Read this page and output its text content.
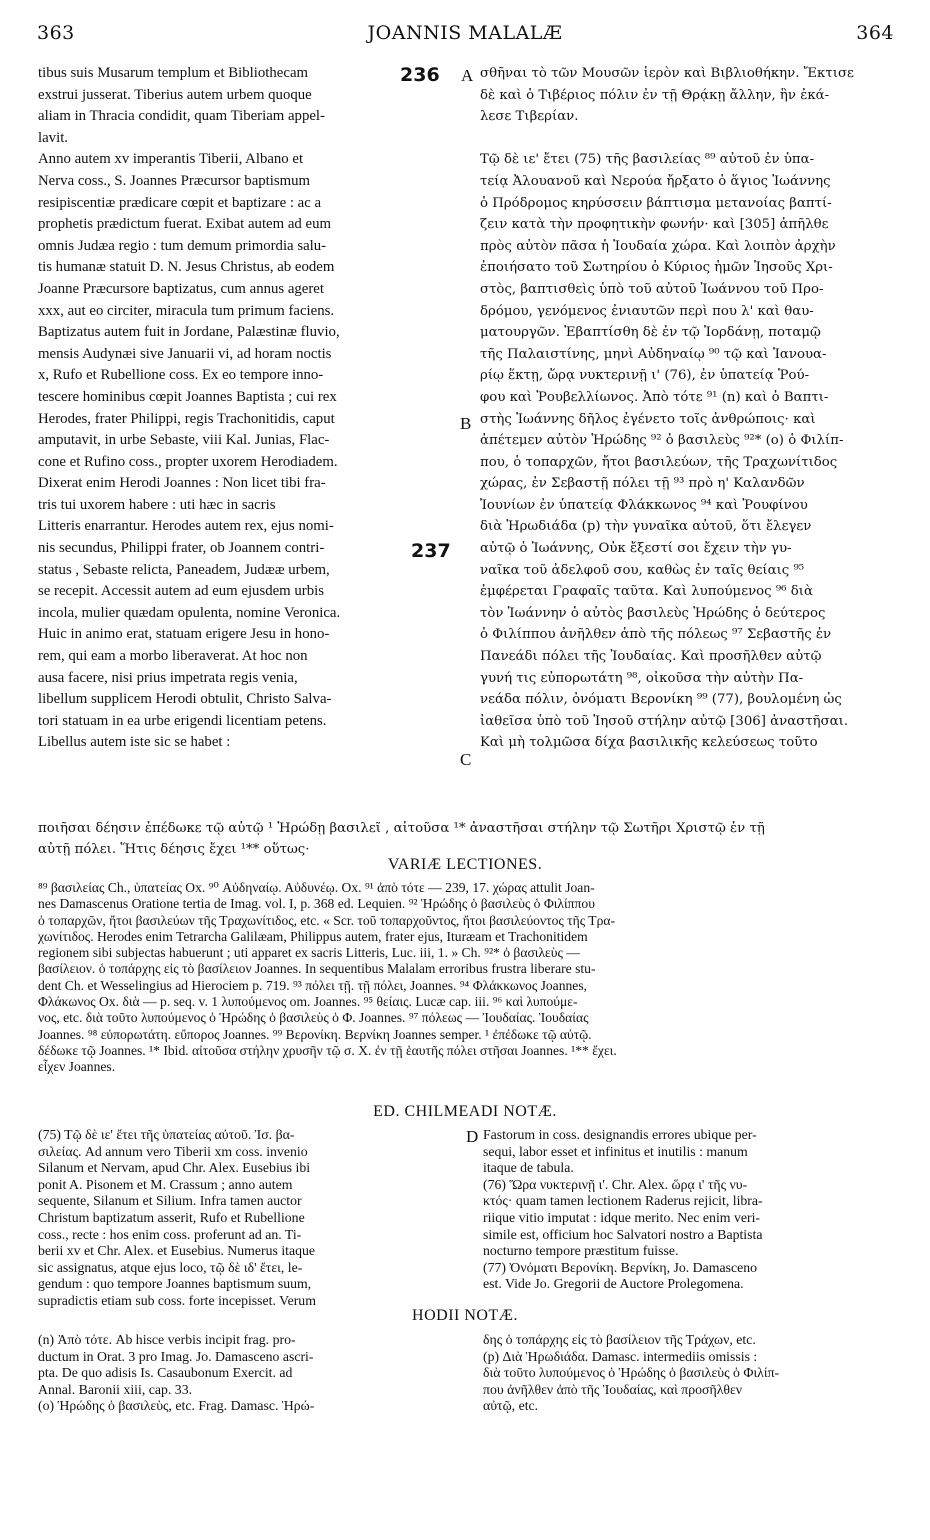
363	JOANNIS MALALÆ	364
tibus suis Musarum templum et Bibliothecam
exstrui jusserat. Tiberius autem urbem quoque
aliam in Thracia condidit, quam Tiberiam appel-
lavit.
Anno autem xv imperantis Tiberii, Albano et
Nerva coss., S. Joannes Præcursor baptismum
resipiscentiæ prædicare cœpit et baptizare : ac a
prophetis prædictum fuerat. Exibat autem ad eum
omnis Judæa regio : tum demum primordia salu-
tis humanæ statuit D. N. Jesus Christus, ab eodem
Joanne Præcursore baptizatus, cum annus ageret
xxx, aut eo circiter, miracula tum primum faciens.
Baptizatus autem fuit in Jordane, Palæstinæ fluvio,
mensis Audynæi sive Januarii vi, ad horam noctis
x, Rufo et Rubellione coss. Ex eo tempore inno-
tescere hominibus cœpit Joannes Baptista ; cui rex
Herodes, frater Philippi, regis Trachonitidis, caput
amputavit, in urbe Sebaste, viii Kal. Junias, Flac-
cone et Rufino coss., propter uxorem Herodiadem.
Dixerat enim Herodi Joannes : Non licet tibi fra-
tris tui uxorem habere : uti hæc in sacris
Litteris enarrantur. Herodes autem rex, ejus nomi-
nis secundus, Philippi frater, ob Joannem contri-
status , Sebaste relicta, Paneadem, Judææ urbem,
se recepit. Accessit autem ad eum ejusdem urbis
incola, mulier quædam opulenta, nomine Veronica.
Huic in animo erat, statuam erigere Jesu in hono-
rem, qui eam a morbo liberaverat. At hoc non
ausa facere, nisi prius impetrata regis venia,
libellum supplicem Herodi obtulit, Christo Salva-
tori statuam in ea urbe erigendi licentiam petens.
Libellus autem iste sic se habet :
σθῆναι τὸ τῶν Μουσῶν ἱερὸν καὶ Βιβλιοθήκην. Ἔκτισε
δὲ καὶ ὁ Τιβέριος πόλιν ἐν τῇ Θρᾴκῃ ἄλλην, ἣν ἐκά-
λεσε Τιβερίαν.

Τῷ δὲ ιε' ἔτει (75) τῆς βασιλείας ⁸⁹ αὐτοῦ ἐν ὑπα-
τείᾳ Ἀλουανοῦ καὶ Νερούα ἤρξατο ὁ ἅγιος Ἰωάννης
ὁ Πρόδρομος κηρύσσειν βάπτισμα μετανοίας βαπτί-
ζειν κατὰ τὴν προφητικὴν φωνήν· καὶ [305] ἀπῆλθε
πρὸς αὐτὸν πᾶσα ἡ Ἰουδαία χώρα. Καὶ λοιπὸν ἀρχὴν
ἐποιήσατο τοῦ Σωτηρίου ὁ Κύριος ἡμῶν Ἰησοῦς Χρι-
στὸς, βαπτισθεὶς ὑπὸ τοῦ αὐτοῦ Ἰωάννου τοῦ Προ-
δρόμου, γενόμενος ἐνιαυτῶν περὶ που λ' καὶ θαυ-
ματουργῶν. Ἐβαπτίσθη δὲ ἐν τῷ Ἰορδάνῃ, ποταμῷ
τῆς Παλαιστίνης, μηνὶ Αὐδηναίῳ ⁹⁰ τῷ καὶ Ἰανουα-
ρίῳ ἕκτῃ, ὥρᾳ νυκτερινῇ ι' (76), ἐν ὑπατείᾳ Ῥού-
φου καὶ Ῥουβελλίωνος. Ἀπὸ τότε ⁹¹ (n) καὶ ὁ Βαπτι-
στὴς Ἰωάννης δῆλος ἐγένετο τοῖς ἀνθρώποις· καὶ
ἀπέτεμεν αὐτὸν Ἡρώδης ⁹² ὁ βασιλεὺς ⁹²* (o) ὁ Φιλίπ-
που, ὁ τοπαρχῶν, ἤτοι βασιλεύων, τῆς Τραχωνίτιδος
χώρας, ἐν Σεβαστῇ πόλει τῇ ⁹³ πρὸ η' Καλανδῶν
Ἰουνίων ἐν ὑπατείᾳ Φλάκκωνος ⁹⁴ καὶ Ῥουφίνου
διὰ Ἡρωδιάδα (p) τὴν γυναῖκα αὐτοῦ, ὅτι ἔλεγεν
αὐτῷ ὁ Ἰωάννης, Οὐκ ἔξεστί σοι ἔχειν τὴν γυ-
ναῖκα τοῦ ἀδελφοῦ σου, καθὼς ἐν ταῖς θείαις ⁹⁵
ἐμφέρεται Γραφαῖς ταῦτα. Καὶ λυπούμενος ⁹⁶ διὰ
τὸν Ἰωάννην ὁ αὐτὸς βασιλεὺς Ἡρώδης ὁ δεύτερος
ὁ Φιλίππου ἀνῆλθεν ἀπὸ τῆς πόλεως ⁹⁷ Σεβαστῆς ἐν
Πανεάδι πόλει τῆς Ἰουδαίας. Καὶ προσῆλθεν αὐτῷ
γυνή τις εὐπορωτάτη ⁹⁸, οἰκοῦσα τὴν αὐτὴν Πα-
νεάδα πόλιν, ὀνόματι Βερονίκη ⁹⁹ (77), βουλομένη ὡς
ἰαθεῖσα ὑπὸ τοῦ Ἰησοῦ στήλην αὐτῷ [306] ἀναστῆσαι.
Καὶ μὴ τολμῶσα δίχα βασιλικῆς κελεύσεως τοῦτο
236
237
A
B
C
D
ποιῆσαι δέησιν ἐπέδωκε τῷ αὐτῷ ¹ Ἡρώδῃ βασιλεῖ , αἰτοῦσα ¹* ἀναστῆσαι στήλην τῷ Σωτῆρι Χριστῷ ἐν τῇ
αὐτῇ πόλει. Ἥτις δέησις ἔχει ¹** οὕτως·
VARIÆ LECTIONES.
⁸⁹ βασιλείας Ch., ὑπατείας Ox. ⁹⁰ Αὐδηναίῳ. Αὐδυνέῳ. Ox. ⁹¹ ἀπὸ τότε — 239, 17. χώρας attulit Joan-
nes Damascenus Oratione tertia de Imag. vol. I, p. 368 ed. Lequien. ⁹² Ἡρώδης ὁ βασιλεὺς ὁ Φιλίππου
ὁ τοπαρχῶν, ἤτοι βασιλεύων τῆς Τραχωνίτιδος, etc. « Scr. τοῦ τοπαρχοῦντος, ἤτοι βασιλεύοντος τῆς Τρα-
χωνίτιδος. Herodes enim Tetrarcha Galilæam, Philippus autem, frater ejus, Ituræam et Trachonitidem
regionem sibi subjectas habuerunt ; uti apparet ex sacris Litteris, Luc. iii, 1. » Ch. ⁹²* ὁ βασιλεὺς —
βασίλειον. ὁ τοπάρχης εἰς τὸ βασίλειον Joannes. In sequentibus Malalam erroribus frustra liberare stu-
dent Ch. et Wesselingius ad Hierociem p. 719. ⁹³ πόλει τῇ. τῇ πόλει, Joannes. ⁹⁴ Φλάκκωνος Joannes,
Φλάκωνος Ox. διὰ — p. seq. v. 1 λυπούμενος om. Joannes. ⁹⁵ θείαις. Lucæ cap. iii. ⁹⁶ καὶ λυπούμε-
νος, etc. διὰ τοῦτο λυπούμενος ὁ Ἡρώδης ὁ βασιλεὺς ὁ Φ. Joannes. ⁹⁷ πόλεως — Ἰουδαίας. Ἰουδαίας
Joannes. ⁹⁸ εὐπορωτάτη. εὔπορος Joannes. ⁹⁹ Βερονίκη. Βερνίκη Joannes semper. ¹ ἐπέδωκε τῷ αὐτῷ.
δέδωκε τῷ Joannes. ¹* Ibid. αἰτοῦσα στήλην χρυσῆν τῷ σ. Χ. ἐν τῇ ἑαυτῆς πόλει στῆσαι Joannes. ¹** ἔχει.
εἶχεν Joannes.
ED. CHILMEADI NOTÆ.
(75) Τῷ δὲ ιε' ἔτει τῆς ὑπατείας αὐτοῦ. Ἰσ. βα-
σιλείας. Ad annum vero Tiberii xm coss. invenio
Silanum et Nervam, apud Chr. Alex. Eusebius ibi
ponit A. Pisonem et M. Crassum ; anno autem
sequente, Silanum et Silium. Infra tamen auctor
Christum baptizatum asserit, Rufo et Rubellione
coss., recte : hos enim coss. proferunt ad an. Ti-
berii xv et Chr. Alex. et Eusebius. Numerus itaque
sic assignatus, atque ejus loco, τῷ δὲ ιδ' ἔτει, le-
gendum : quo tempore Joannes baptismum suum,
supradictis etiam sub coss. forte incepisset. Verum
Fastorum in coss. designandis errores ubique per-
sequi, labor esset et infinitus et inutilis : manum
itaque de tabula.
(76) Ὥρα νυκτερινῇ ι'. Chr. Alex. ὥρᾳ ι' τῆς νυ-
κτός· quam tamen lectionem Raderus rejicit, libra-
riique vitio imputat : idque merito. Nec enim veri-
simile est, officium hoc Salvatori nostro a Baptista
nocturno tempore præstitum fuisse.
(77) Ὀνόματι Βερονίκη. Βερνίκη, Jo. Damasceno
est. Vide Jo. Gregorii de Auctore Prolegomena.
HODII NOTÆ.
(n) Ἀπὸ τότε. Ab hisce verbis incipit frag. pro-
ductum in Orat. 3 pro Imag. Jo. Damasceno ascri-
pta. De quo adisis Is. Casaubonum Exercit. ad
Annal. Baronii xiii, cap. 33.
(o) Ἡρώδης ὁ βασιλεὺς, etc. Frag. Damasc. Ἡρώ-
δης ὁ τοπάρχης εἰς τὸ βασίλειον τῆς Τράχων, etc.
(p) Διὰ Ἡρωδιάδα. Damasc. intermediis omissis :
διὰ τοῦτο λυπούμενος ὁ Ἡρώδης ὁ βασιλεὺς ὁ Φιλίπ-
που ἀνῆλθεν ἀπὸ τῆς Ἰουδαίας, καὶ προσῆλθεν
αὐτῷ, etc.
